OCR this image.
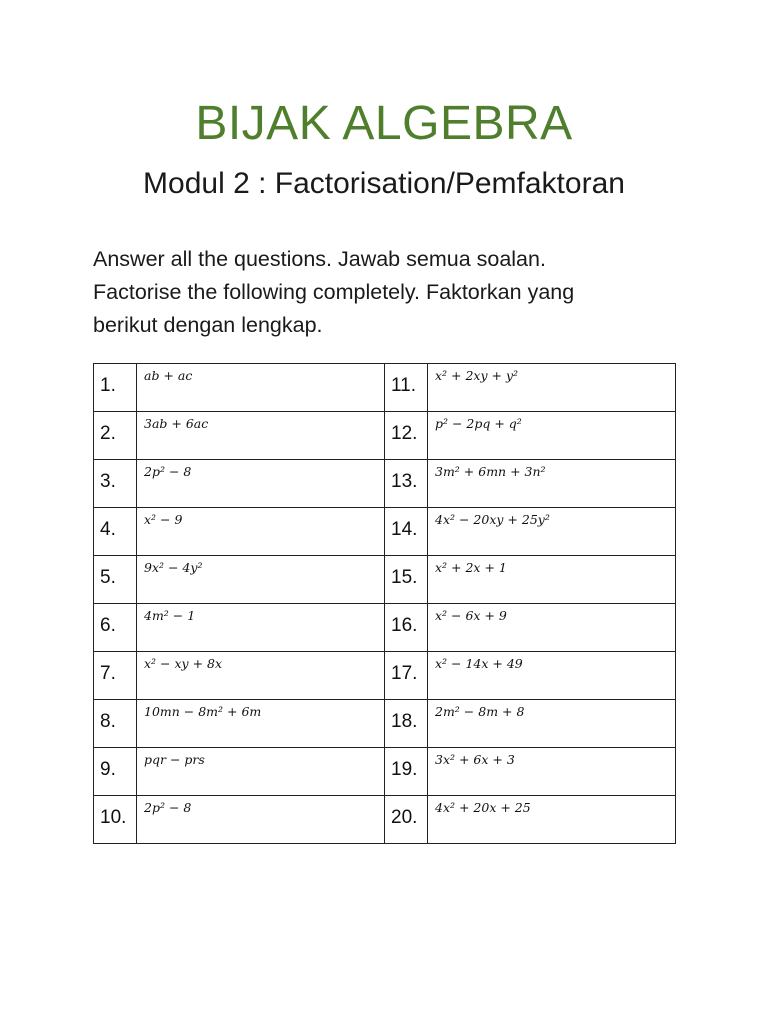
BIJAK ALGEBRA
Modul 2 : Factorisation/Pemfaktoran
Answer all the questions. Jawab semua soalan.
Factorise the following completely. Faktorkan yang
berikut dengan lengkap.
1.	ab + ac	11.	x² + 2xy + y²
2.	3ab + 6ac	12.	p² − 2pq + q²
3.	2p² − 8	13.	3m² + 6mn + 3n²
4.	x² − 9	14.	4x² − 20xy + 25y²
5.	9x² − 4y²	15.	x² + 2x + 1
6.	4m² − 1	16.	x² − 6x + 9
7.	x² − xy + 8x	17.	x² − 14x + 49
8.	10mn − 8m² + 6m	18.	2m² − 8m + 8
9.	pqr − prs	19.	3x² + 6x + 3
10.	2p² − 8	20.	4x² + 20x + 25
